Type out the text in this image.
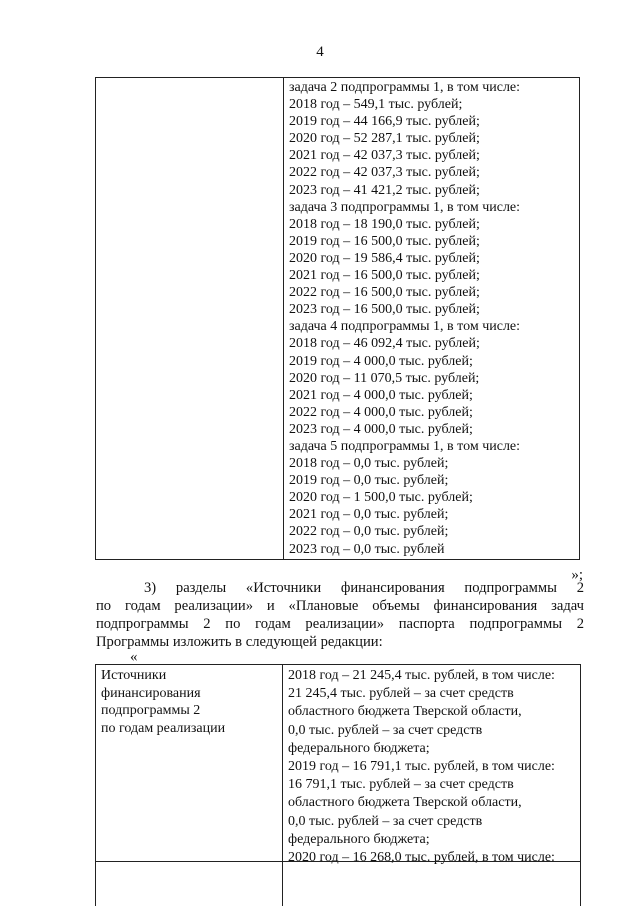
4
задача 2 подпрограммы 1, в том числе:
2018 год – 549,1 тыс. рублей;
2019 год – 44 166,9 тыс. рублей;
2020 год – 52 287,1 тыс. рублей;
2021 год – 42 037,3 тыс. рублей;
2022 год – 42 037,3 тыс. рублей;
2023 год – 41 421,2 тыс. рублей;
задача 3 подпрограммы 1, в том числе:
2018 год – 18 190,0 тыс. рублей;
2019 год – 16 500,0 тыс. рублей;
2020 год – 19 586,4 тыс. рублей;
2021 год – 16 500,0 тыс. рублей;
2022 год – 16 500,0 тыс. рублей;
2023 год – 16 500,0 тыс. рублей;
задача 4 подпрограммы 1, в том числе:
2018 год – 46 092,4 тыс. рублей;
2019 год – 4 000,0 тыс. рублей;
2020 год – 11 070,5 тыс. рублей;
2021 год – 4 000,0 тыс. рублей;
2022 год – 4 000,0 тыс. рублей;
2023 год – 4 000,0 тыс. рублей;
задача 5 подпрограммы 1, в том числе:
2018 год – 0,0 тыс. рублей;
2019 год – 0,0 тыс. рублей;
2020 год – 1 500,0 тыс. рублей;
2021 год – 0,0 тыс. рублей;
2022 год – 0,0 тыс. рублей;
2023 год – 0,0 тыс. рублей
»;
3) разделы «Источники финансирования подпрограммы 2
по годам реализации» и «Плановые объемы финансирования задач
подпрограммы 2 по годам реализации» паспорта подпрограммы 2
Программы изложить в следующей редакции:
«
Источники
финансирования
подпрограммы 2
по годам реализации
2018 год – 21 245,4 тыс. рублей, в том числе:
21 245,4 тыс. рублей – за счет средств
областного бюджета Тверской области,
0,0 тыс. рублей – за счет средств
федерального бюджета;
2019 год – 16 791,1 тыс. рублей, в том числе:
16 791,1 тыс. рублей – за счет средств
областного бюджета Тверской области,
0,0 тыс. рублей – за счет средств
федерального бюджета;
2020 год – 16 268,0 тыс. рублей, в том числе:
